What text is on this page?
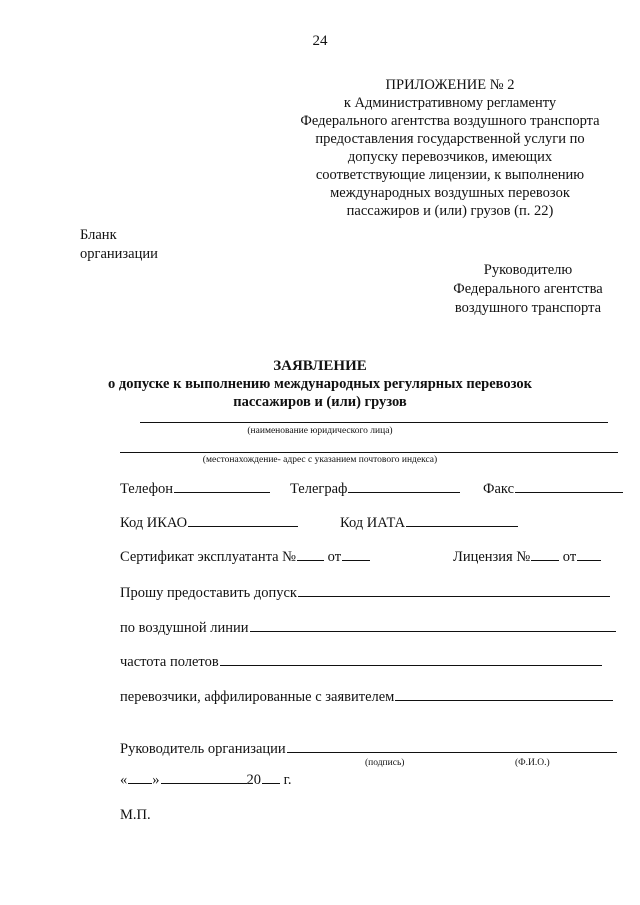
24
ПРИЛОЖЕНИЕ № 2
к Административному регламенту
Федерального агентства воздушного транспорта
предоставления государственной услуги по
допуску перевозчиков, имеющих
соответствующие лицензии, к выполнению
международных воздушных перевозок
пассажиров и (или) грузов (п. 22)
Бланк
организации
Руководителю
Федерального агентства
воздушного транспорта
ЗАЯВЛЕНИЕ
о допуске к выполнению международных регулярных перевозок
пассажиров и (или) грузов
(наименование юридического лица)
(местонахождение- адрес с указанием почтового индекса)
Телефон	Телеграф	Факс
Код ИКАО	Код ИАТА
Сертификат эксплуатанта № от	Лицензия № от
Прошу предоставить допуск
по воздушной линии
частота полетов
перевозчики, аффилированные с заявителем
Руководитель организации
(подпись)	(Ф.И.О.)
« »	20 г.
М.П.
